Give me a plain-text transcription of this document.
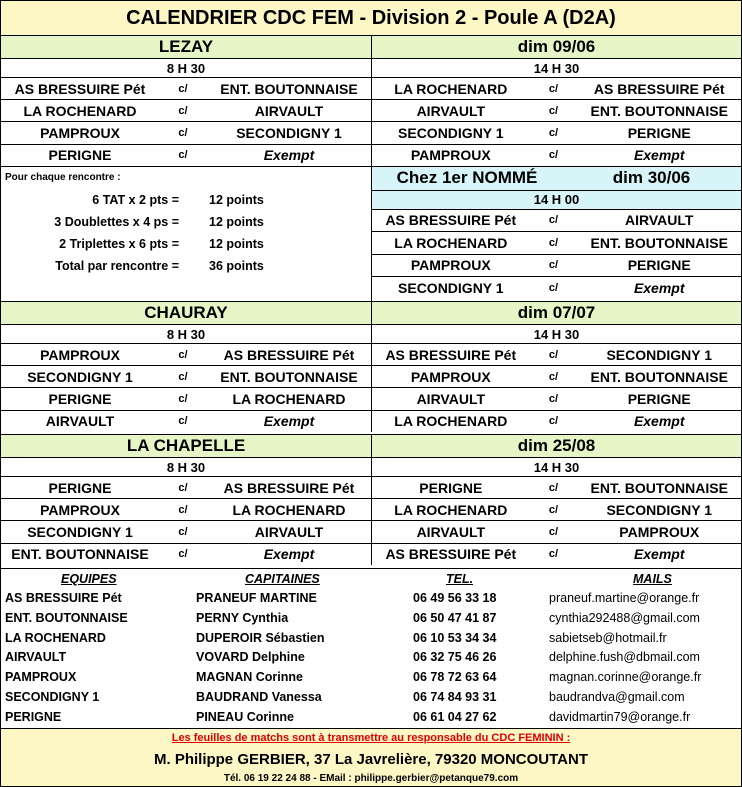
CALENDRIER CDC FEM - Division 2 - Poule A (D2A)
LEZAY	dim 09/06
8 H 30	14 H 30
AS BRESSUIRE Pét	c/	ENT. BOUTONNAISE	LA ROCHENARD	c/	AS BRESSUIRE Pét
LA ROCHENARD	c/	AIRVAULT	AIRVAULT	c/	ENT. BOUTONNAISE
PAMPROUX	c/	SECONDIGNY 1	SECONDIGNY 1	c/	PERIGNE
PERIGNE	c/	Exempt	PAMPROUX	c/	Exempt
Pour chaque rencontre :
6 TAT x 2 pts = 12 points
3 Doublettes x 4 ps = 12 points
2 Triplettes x 6 pts = 12 points
Total par rencontre = 36 points
Chez 1er NOMMÉ	dim 30/06
14 H 00
AS BRESSUIRE Pét	c/	AIRVAULT
LA ROCHENARD	c/	ENT. BOUTONNAISE
PAMPROUX	c/	PERIGNE
SECONDIGNY 1	c/	Exempt
CHAURAY	dim 07/07
8 H 30	14 H 30
PAMPROUX	c/	AS BRESSUIRE Pét	AS BRESSUIRE Pét	c/	SECONDIGNY 1
SECONDIGNY 1	c/	ENT. BOUTONNAISE	PAMPROUX	c/	ENT. BOUTONNAISE
PERIGNE	c/	LA ROCHENARD	AIRVAULT	c/	PERIGNE
AIRVAULT	c/	Exempt	LA ROCHENARD	c/	Exempt
LA CHAPELLE	dim 25/08
8 H 30	14 H 30
PERIGNE	c/	AS BRESSUIRE Pét	PERIGNE	c/	ENT. BOUTONNAISE
PAMPROUX	c/	LA ROCHENARD	LA ROCHENARD	c/	SECONDIGNY 1
SECONDIGNY 1	c/	AIRVAULT	AIRVAULT	c/	PAMPROUX
ENT. BOUTONNAISE	c/	Exempt	AS BRESSUIRE Pét	c/	Exempt
EQUIPES	CAPITAINES	TEL.	MAILS
AS BRESSUIRE Pét	PRANEUF MARTINE	06 49 56 33 18	praneuf.martine@orange.fr
ENT. BOUTONNAISE	PERNY Cynthia	06 50 47 41 87	cynthia292488@gmail.com
LA ROCHENARD	DUPEROIR Sébastien	06 10 53 34 34	sabietseb@hotmail.fr
AIRVAULT	VOVARD Delphine	06 32 75 46 26	delphine.fush@dbmail.com
PAMPROUX	MAGNAN Corinne	06 78 72 63 64	magnan.corinne@orange.fr
SECONDIGNY 1	BAUDRAND Vanessa	06 74 84 93 31	baudrandva@gmail.com
PERIGNE	PINEAU Corinne	06 61 04 27 62	davidmartin79@orange.fr
Les feuilles de matchs sont à transmettre au responsable du CDC FEMININ :
M. Philippe GERBIER, 37 La Javrelière, 79320 MONCOUTANT
Tél. 06 19 22 24 88 - EMail : philippe.gerbier@petanque79.com
